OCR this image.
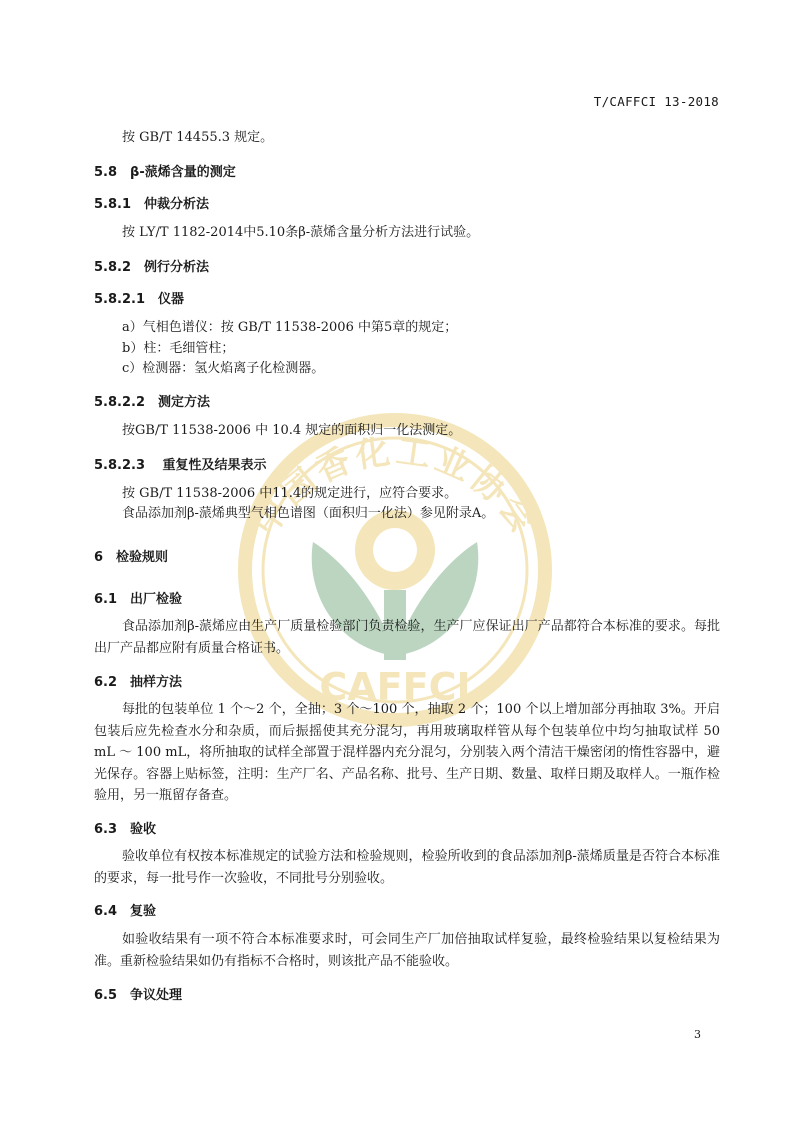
中国香化工业协会
CAFFCI
T/CAFFCI 13-2018
按 GB/T 14455.3 规定。
5.8　β-蒎烯含量的测定
5.8.1　仲裁分析法
按 LY/T 1182-2014中5.10条β-蒎烯含量分析方法进行试验。
5.8.2　例行分析法
5.8.2.1　仪器
a）气相色谱仪：按 GB/T 11538-2006 中第5章的规定；
b）柱：毛细管柱；
c）检测器：氢火焰离子化检测器。
5.8.2.2　测定方法
按GB/T 11538-2006 中 10.4 规定的面积归一化法测定。
5.8.2.3　 重复性及结果表示
按 GB/T 11538-2006 中11.4的规定进行，应符合要求。
食品添加剂β-蒎烯典型气相色谱图（面积归一化法）参见附录A。
6　检验规则
6.1　出厂检验
食品添加剂β-蒎烯应由生产厂质量检验部门负责检验，生产厂应保证出厂产品都符合本标准的要求。每批出厂产品都应附有质量合格证书。
6.2　抽样方法
每批的包装单位 1 个～2 个，全抽；3 个～100 个，抽取 2 个；100 个以上增加部分再抽取 3%。开启包装后应先检查水分和杂质，而后振摇使其充分混匀，再用玻璃取样管从每个包装单位中均匀抽取试样 50 mL ～ 100 mL，将所抽取的试样全部置于混样器内充分混匀，分别装入两个清洁干燥密闭的惰性容器中，避光保存。容器上贴标签，注明：生产厂名、产品名称、批号、生产日期、数量、取样日期及取样人。一瓶作检验用，另一瓶留存备查。
6.3　验收
验收单位有权按本标准规定的试验方法和检验规则，检验所收到的食品添加剂β-蒎烯质量是否符合本标准的要求，每一批号作一次验收，不同批号分别验收。
6.4　复验
如验收结果有一项不符合本标准要求时，可会同生产厂加倍抽取试样复验，最终检验结果以复检结果为准。重新检验结果如仍有指标不合格时，则该批产品不能验收。
6.5　争议处理
3
